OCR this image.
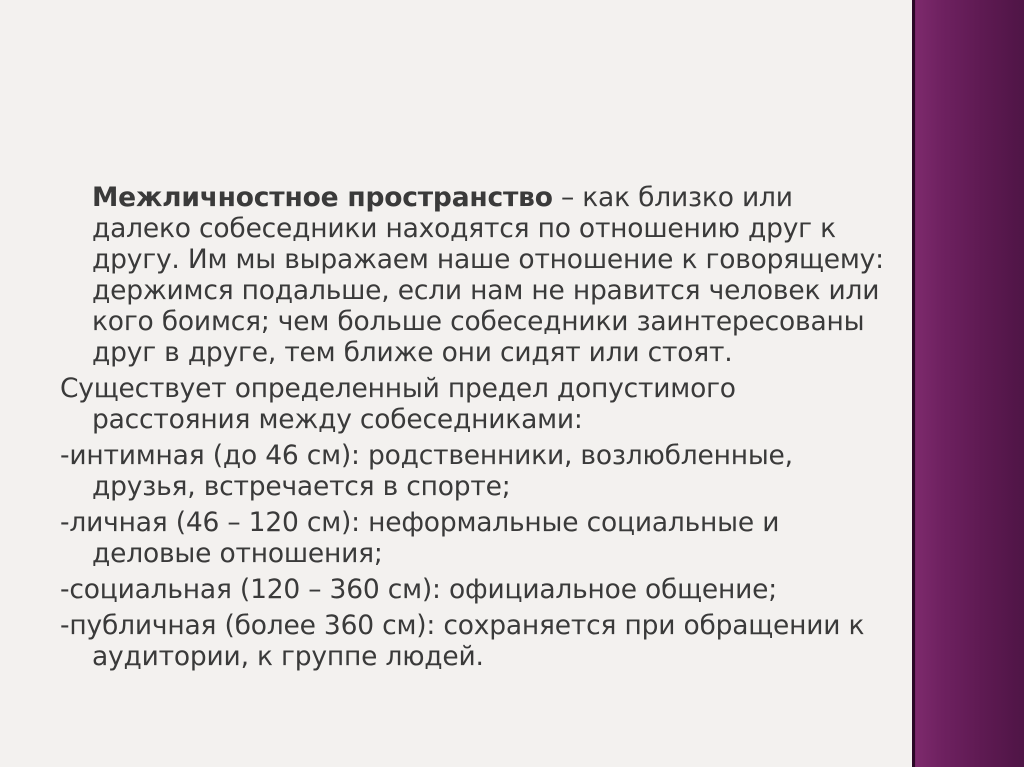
Межличностное пространство – как близко или далеко собеседники находятся по отношению друг к другу. Им мы выражаем наше отношение к говорящему: держимся подальше, если нам не нравится человек или кого боимся; чем больше собеседники заинтересованы друг в друге, тем ближе они сидят или стоят.

Существует определенный предел допустимого расстояния между собеседниками:

-интимная (до 46 см): родственники, возлюбленные, друзья, встречается в спорте;

-личная (46 – 120 см): неформальные социальные и деловые отношения;

-социальная (120 – 360 см): официальное общение;

-публичная (более 360 см): сохраняется при обращении к аудитории, к группе людей.
